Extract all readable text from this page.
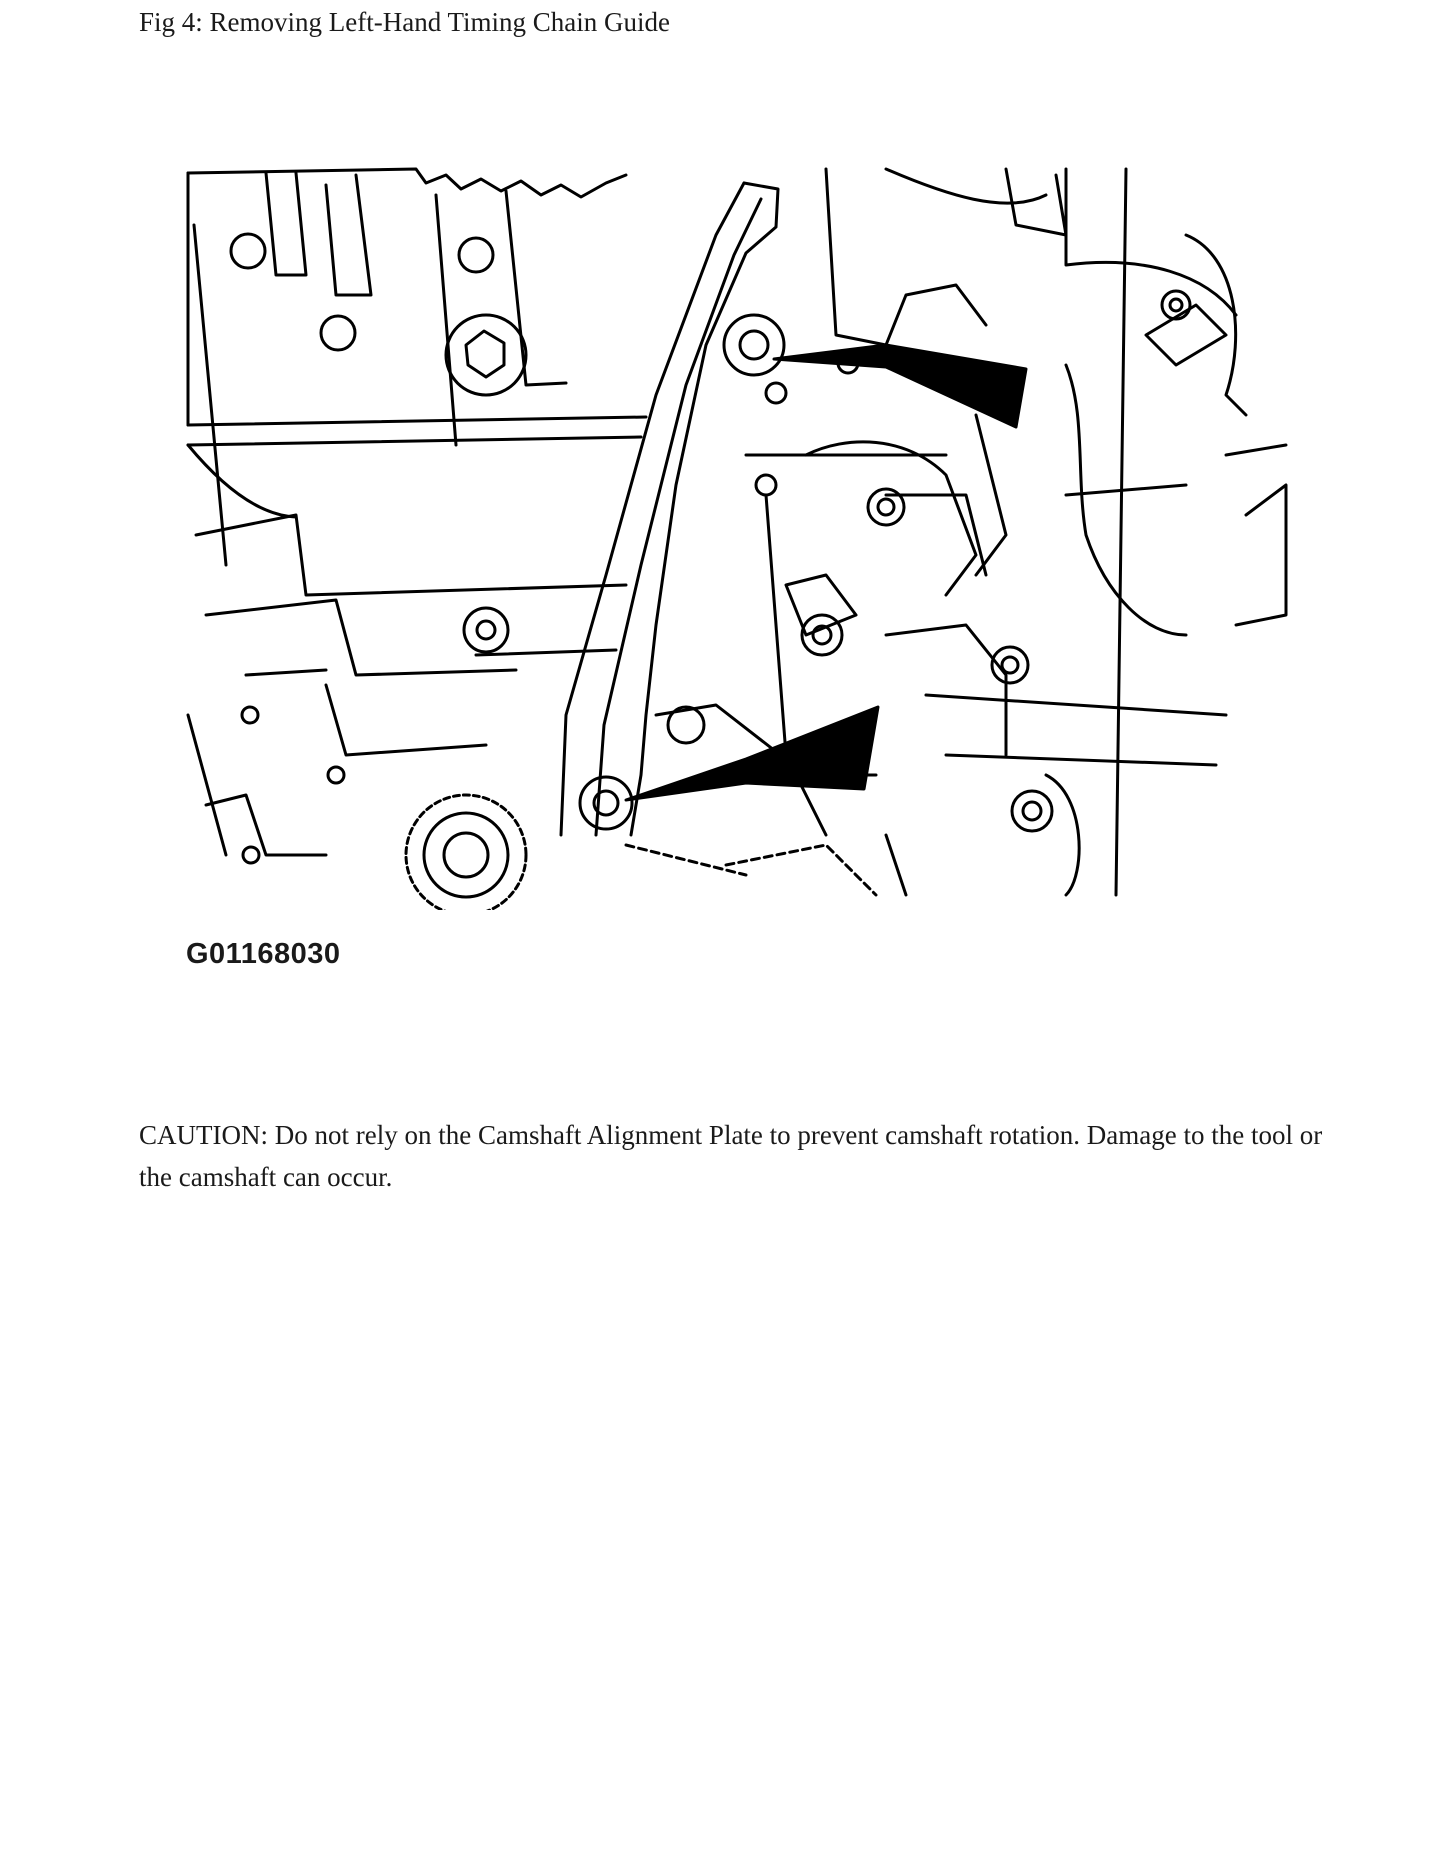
Fig 4: Removing Left-Hand Timing Chain Guide
G01168030

CAUTION: Do not rely on the Camshaft Alignment Plate to prevent camshaft rotation. Damage to the tool or the camshaft can occur.
